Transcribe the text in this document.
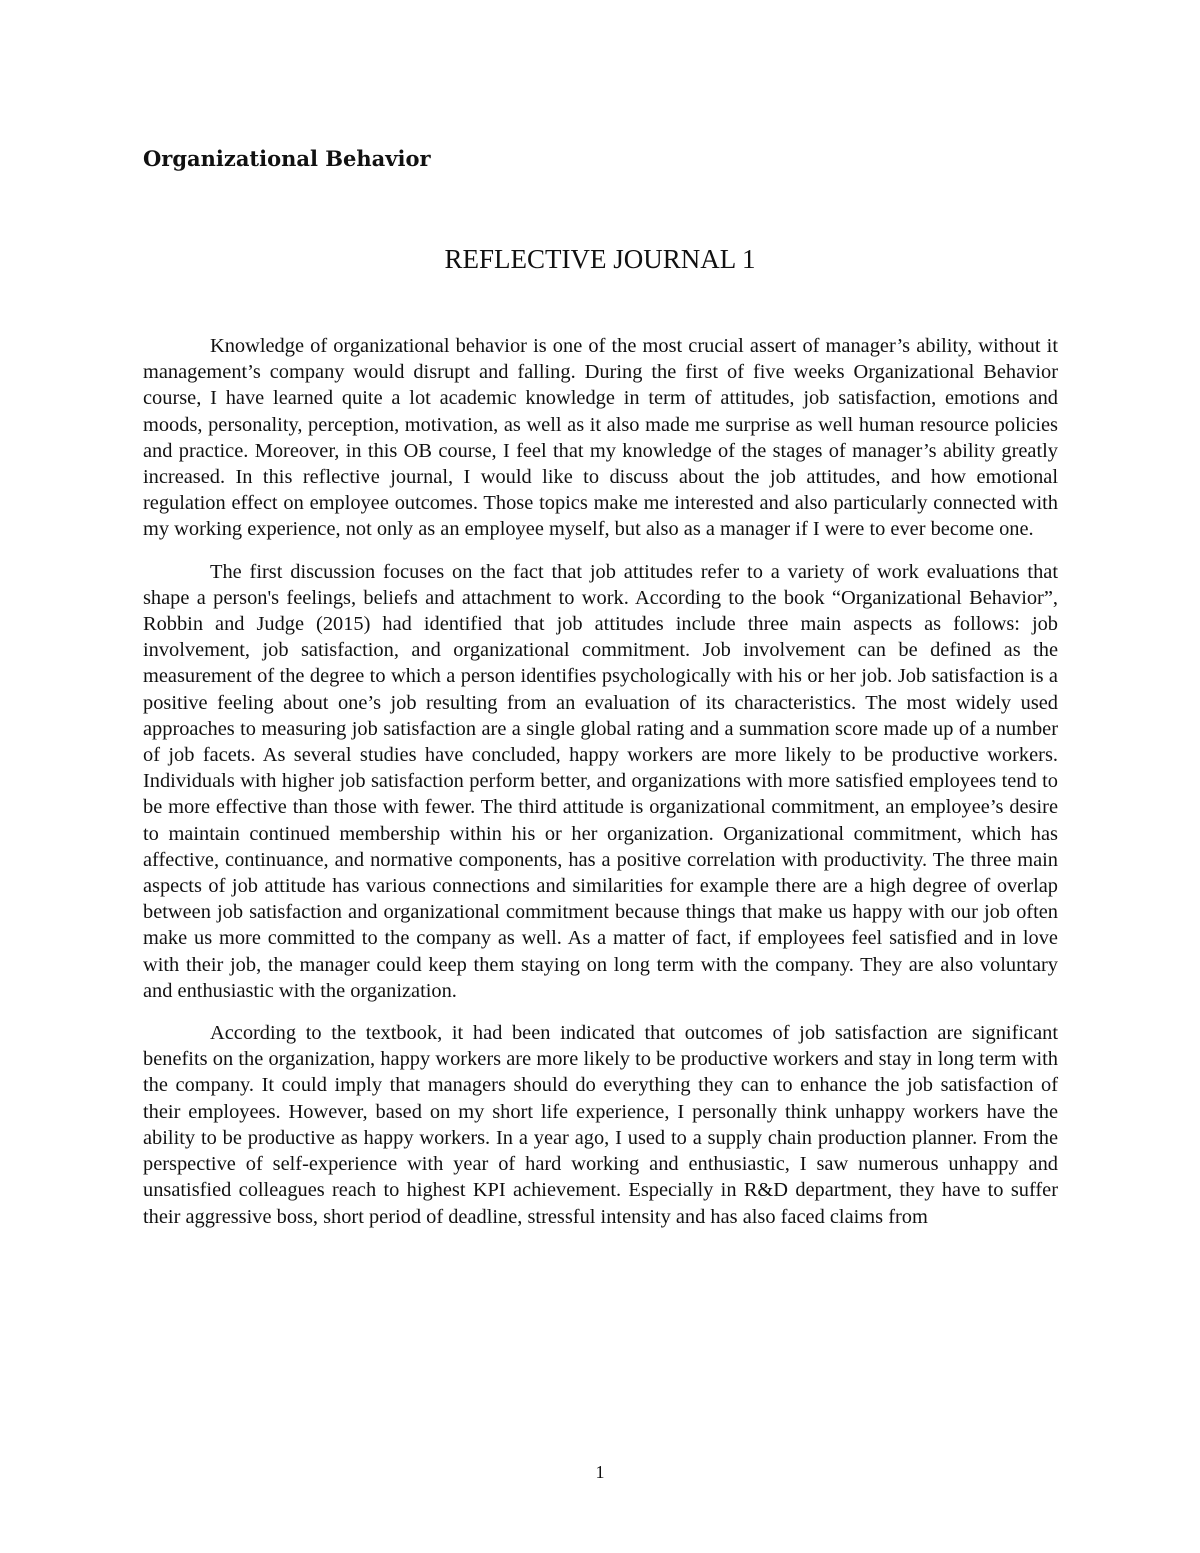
Organizational Behavior
REFLECTIVE JOURNAL 1

Knowledge of organizational behavior is one of the most crucial assert of manager’s ability, without it management’s company would disrupt and falling. During the first of five weeks Organizational Behavior course, I have learned quite a lot academic knowledge in term of attitudes, job satisfaction, emotions and moods, personality, perception, motivation, as well as it also made me surprise as well human resource policies and practice. Moreover, in this OB course, I feel that my knowledge of the stages of manager’s ability greatly increased. In this reflective journal, I would like to discuss about the job attitudes, and how emotional regulation effect on employee outcomes. Those topics make me interested and also particularly connected with my working experience, not only as an employee myself, but also as a manager if I were to ever become one.

The first discussion focuses on the fact that job attitudes refer to a variety of work evaluations that shape a person's feelings, beliefs and attachment to work. According to the book “Organizational Behavior”, Robbin and Judge (2015) had identified that job attitudes include three main aspects as follows: job involvement, job satisfaction, and organizational commitment. Job involvement can be defined as the measurement of the degree to which a person identifies psychologically with his or her job. Job satisfaction is a positive feeling about one’s job resulting from an evaluation of its characteristics. The most widely used approaches to measuring job satisfaction are a single global rating and a summation score made up of a number of job facets. As several studies have concluded, happy workers are more likely to be productive workers. Individuals with higher job satisfaction perform better, and organizations with more satisfied employees tend to be more effective than those with fewer. The third attitude is organizational commitment, an employee’s desire to maintain continued membership within his or her organization. Organizational commitment, which has affective, continuance, and normative components, has a positive correlation with productivity. The three main aspects of job attitude has various connections and similarities for example there are a high degree of overlap between job satisfaction and organizational commitment because things that make us happy with our job often make us more committed to the company as well. As a matter of fact, if employees feel satisfied and in love with their job, the manager could keep them staying on long term with the company. They are also voluntary and enthusiastic with the organization.

According to the textbook, it had been indicated that outcomes of job satisfaction are significant benefits on the organization, happy workers are more likely to be productive workers and stay in long term with the company. It could imply that managers should do everything they can to enhance the job satisfaction of their employees. However, based on my short life experience, I personally think unhappy workers have the ability to be productive as happy workers. In a year ago, I used to a supply chain production planner. From the perspective of self-experience with year of hard working and enthusiastic, I saw numerous unhappy and unsatisfied colleagues reach to highest KPI achievement. Especially in R&D department, they have to suffer their aggressive boss, short period of deadline, stressful intensity and has also faced claims from

1
